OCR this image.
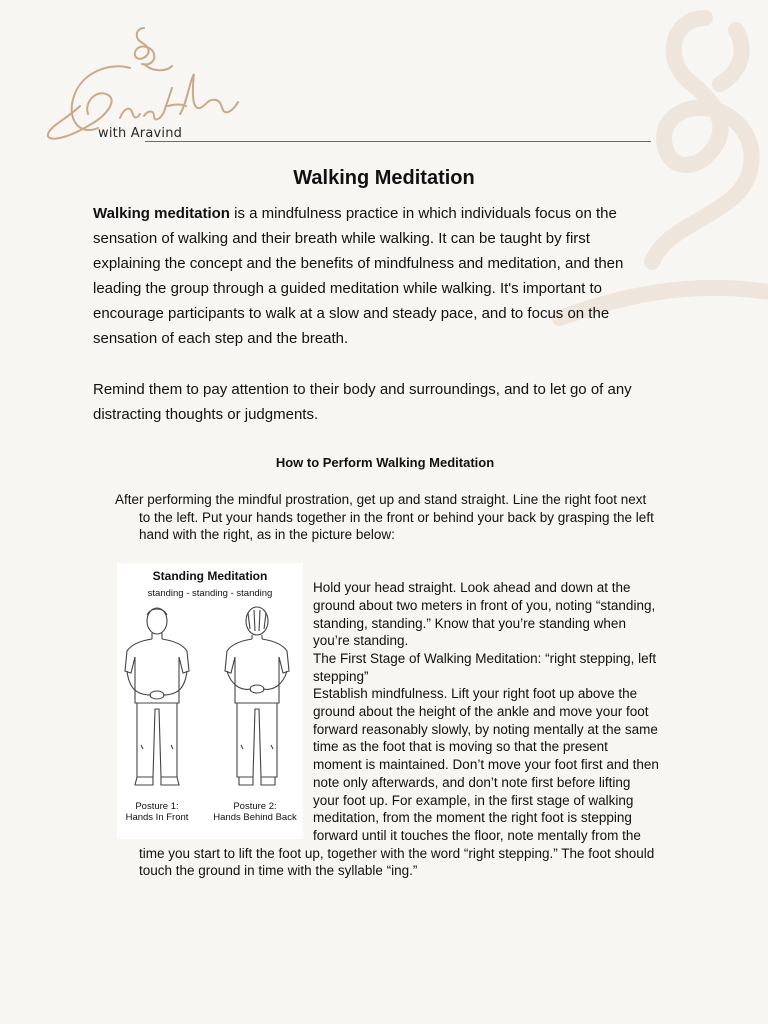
with Aravind
Walking Meditation

Walking meditation is a mindfulness practice in which individuals focus on the sensation of walking and their breath while walking. It can be taught by first explaining the concept and the benefits of mindfulness and meditation, and then leading the group through a guided meditation while walking. It's important to encourage participants to walk at a slow and steady pace, and to focus on the sensation of each step and the breath.

Remind them to pay attention to their body and surroundings, and to let go of any distracting thoughts or judgments.

How to Perform Walking Meditation

After performing the mindful prostration, get up and stand straight. Line the right foot next to the left. Put your hands together in the front or behind your back by grasping the left hand with the right, as in the picture below:

Standing Meditation
standing - standing - standing
Posture 1:
Hands In Front
Posture 2:
Hands Behind Back

Hold your head straight. Look ahead and down at the ground about two meters in front of you, noting “standing, standing, standing.” Know that you’re standing when you’re standing.

The First Stage of Walking Meditation: “right stepping, left stepping”

Establish mindfulness. Lift your right foot up above the ground about the height of the ankle and move your foot forward reasonably slowly, by noting mentally at the same time as the foot that is moving so that the present moment is maintained. Don’t move your foot first and then note only afterwards, and don’t note first before lifting your foot up. For example, in the first stage of walking meditation, from the moment the right foot is stepping forward until it touches the floor, note mentally from the time you start to lift the foot up, together with the word “right stepping.” The foot should touch the ground in time with the syllable “ing.”
